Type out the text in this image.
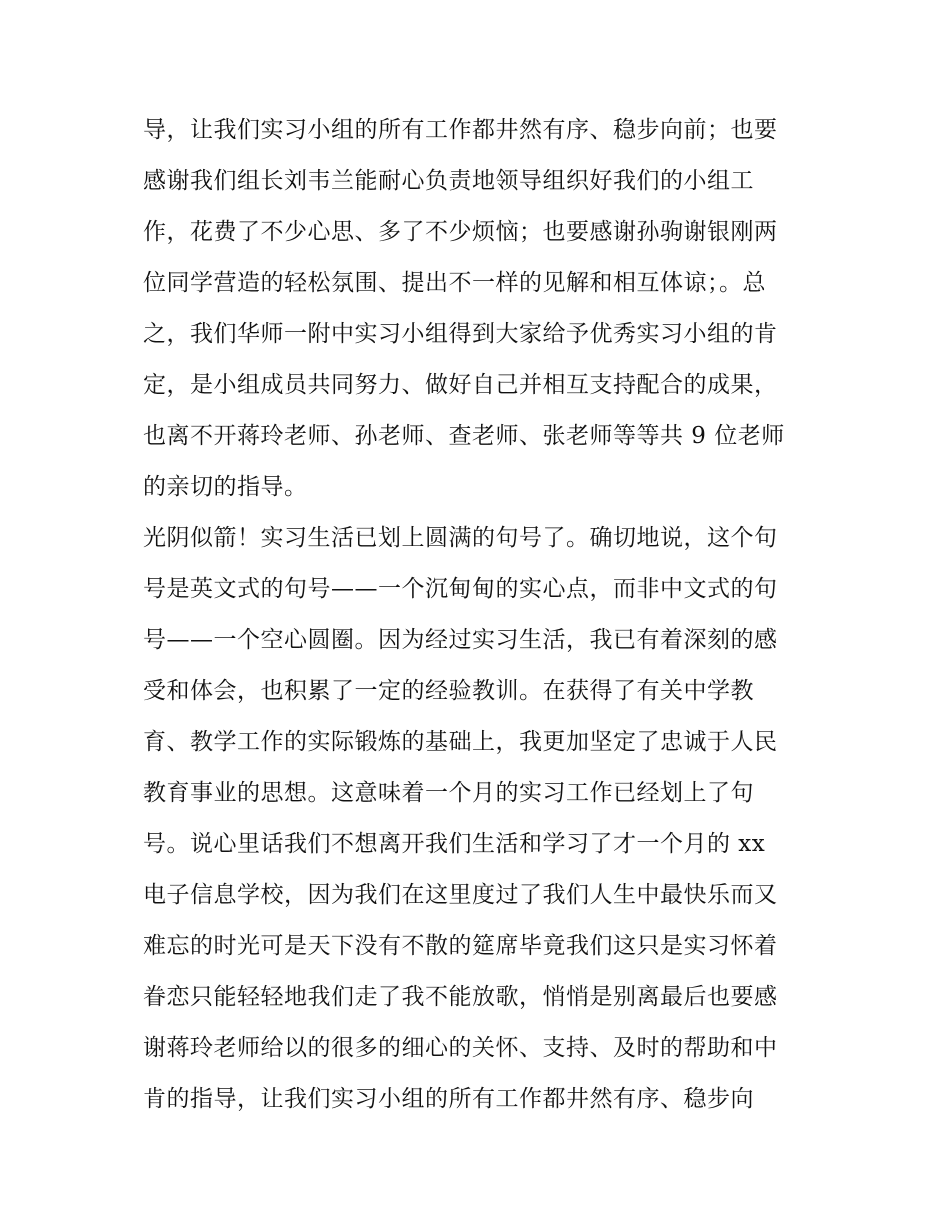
导，让我们实习小组的所有工作都井然有序、稳步向前；也要
感谢我们组长刘韦兰能耐心负责地领导组织好我们的小组工
作，花费了不少心思、多了不少烦恼；也要感谢孙驹谢银刚两
位同学营造的轻松氛围、提出不一样的见解和相互体谅；。总
之，我们华师一附中实习小组得到大家给予优秀实习小组的肯
定，是小组成员共同努力、做好自己并相互支持配合的成果，
也离不开蒋玲老师、孙老师、查老师、张老师等等共 9 位老师
的亲切的指导。
光阴似箭！实习生活已划上圆满的句号了。确切地说，这个句
号是英文式的句号——一个沉甸甸的实心点，而非中文式的句
号——一个空心圆圈。因为经过实习生活，我已有着深刻的感
受和体会，也积累了一定的经验教训。在获得了有关中学教
育、教学工作的实际锻炼的基础上，我更加坚定了忠诚于人民
教育事业的思想。这意味着一个月的实习工作已经划上了句
号。说心里话我们不想离开我们生活和学习了才一个月的 xx
电子信息学校，因为我们在这里度过了我们人生中最快乐而又
难忘的时光可是天下没有不散的筵席毕竟我们这只是实习怀着
眷恋只能轻轻地我们走了我不能放歌，悄悄是别离最后也要感
谢蒋玲老师给以的很多的细心的关怀、支持、及时的帮助和中
肯的指导，让我们实习小组的所有工作都井然有序、稳步向
